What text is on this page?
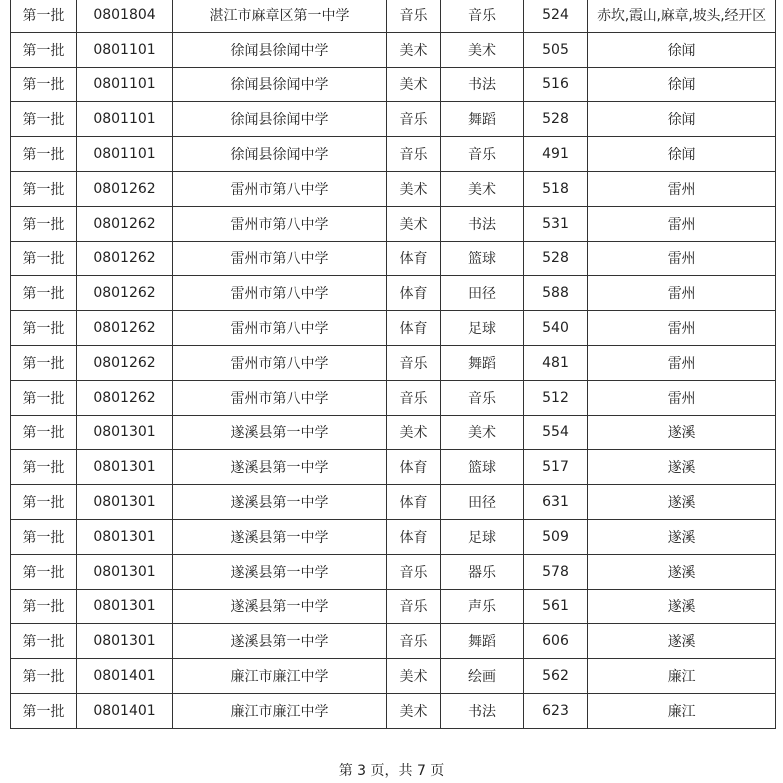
第一批	0801804	湛江市麻章区第一中学	音乐	音乐	524	赤坎,霞山,麻章,坡头,经开区
第一批	0801101	徐闻县徐闻中学	美术	美术	505	徐闻
第一批	0801101	徐闻县徐闻中学	美术	书法	516	徐闻
第一批	0801101	徐闻县徐闻中学	音乐	舞蹈	528	徐闻
第一批	0801101	徐闻县徐闻中学	音乐	音乐	491	徐闻
第一批	0801262	雷州市第八中学	美术	美术	518	雷州
第一批	0801262	雷州市第八中学	美术	书法	531	雷州
第一批	0801262	雷州市第八中学	体育	篮球	528	雷州
第一批	0801262	雷州市第八中学	体育	田径	588	雷州
第一批	0801262	雷州市第八中学	体育	足球	540	雷州
第一批	0801262	雷州市第八中学	音乐	舞蹈	481	雷州
第一批	0801262	雷州市第八中学	音乐	音乐	512	雷州
第一批	0801301	遂溪县第一中学	美术	美术	554	遂溪
第一批	0801301	遂溪县第一中学	体育	篮球	517	遂溪
第一批	0801301	遂溪县第一中学	体育	田径	631	遂溪
第一批	0801301	遂溪县第一中学	体育	足球	509	遂溪
第一批	0801301	遂溪县第一中学	音乐	器乐	578	遂溪
第一批	0801301	遂溪县第一中学	音乐	声乐	561	遂溪
第一批	0801301	遂溪县第一中学	音乐	舞蹈	606	遂溪
第一批	0801401	廉江市廉江中学	美术	绘画	562	廉江
第一批	0801401	廉江市廉江中学	美术	书法	623	廉江
第 3 页，共 7 页
